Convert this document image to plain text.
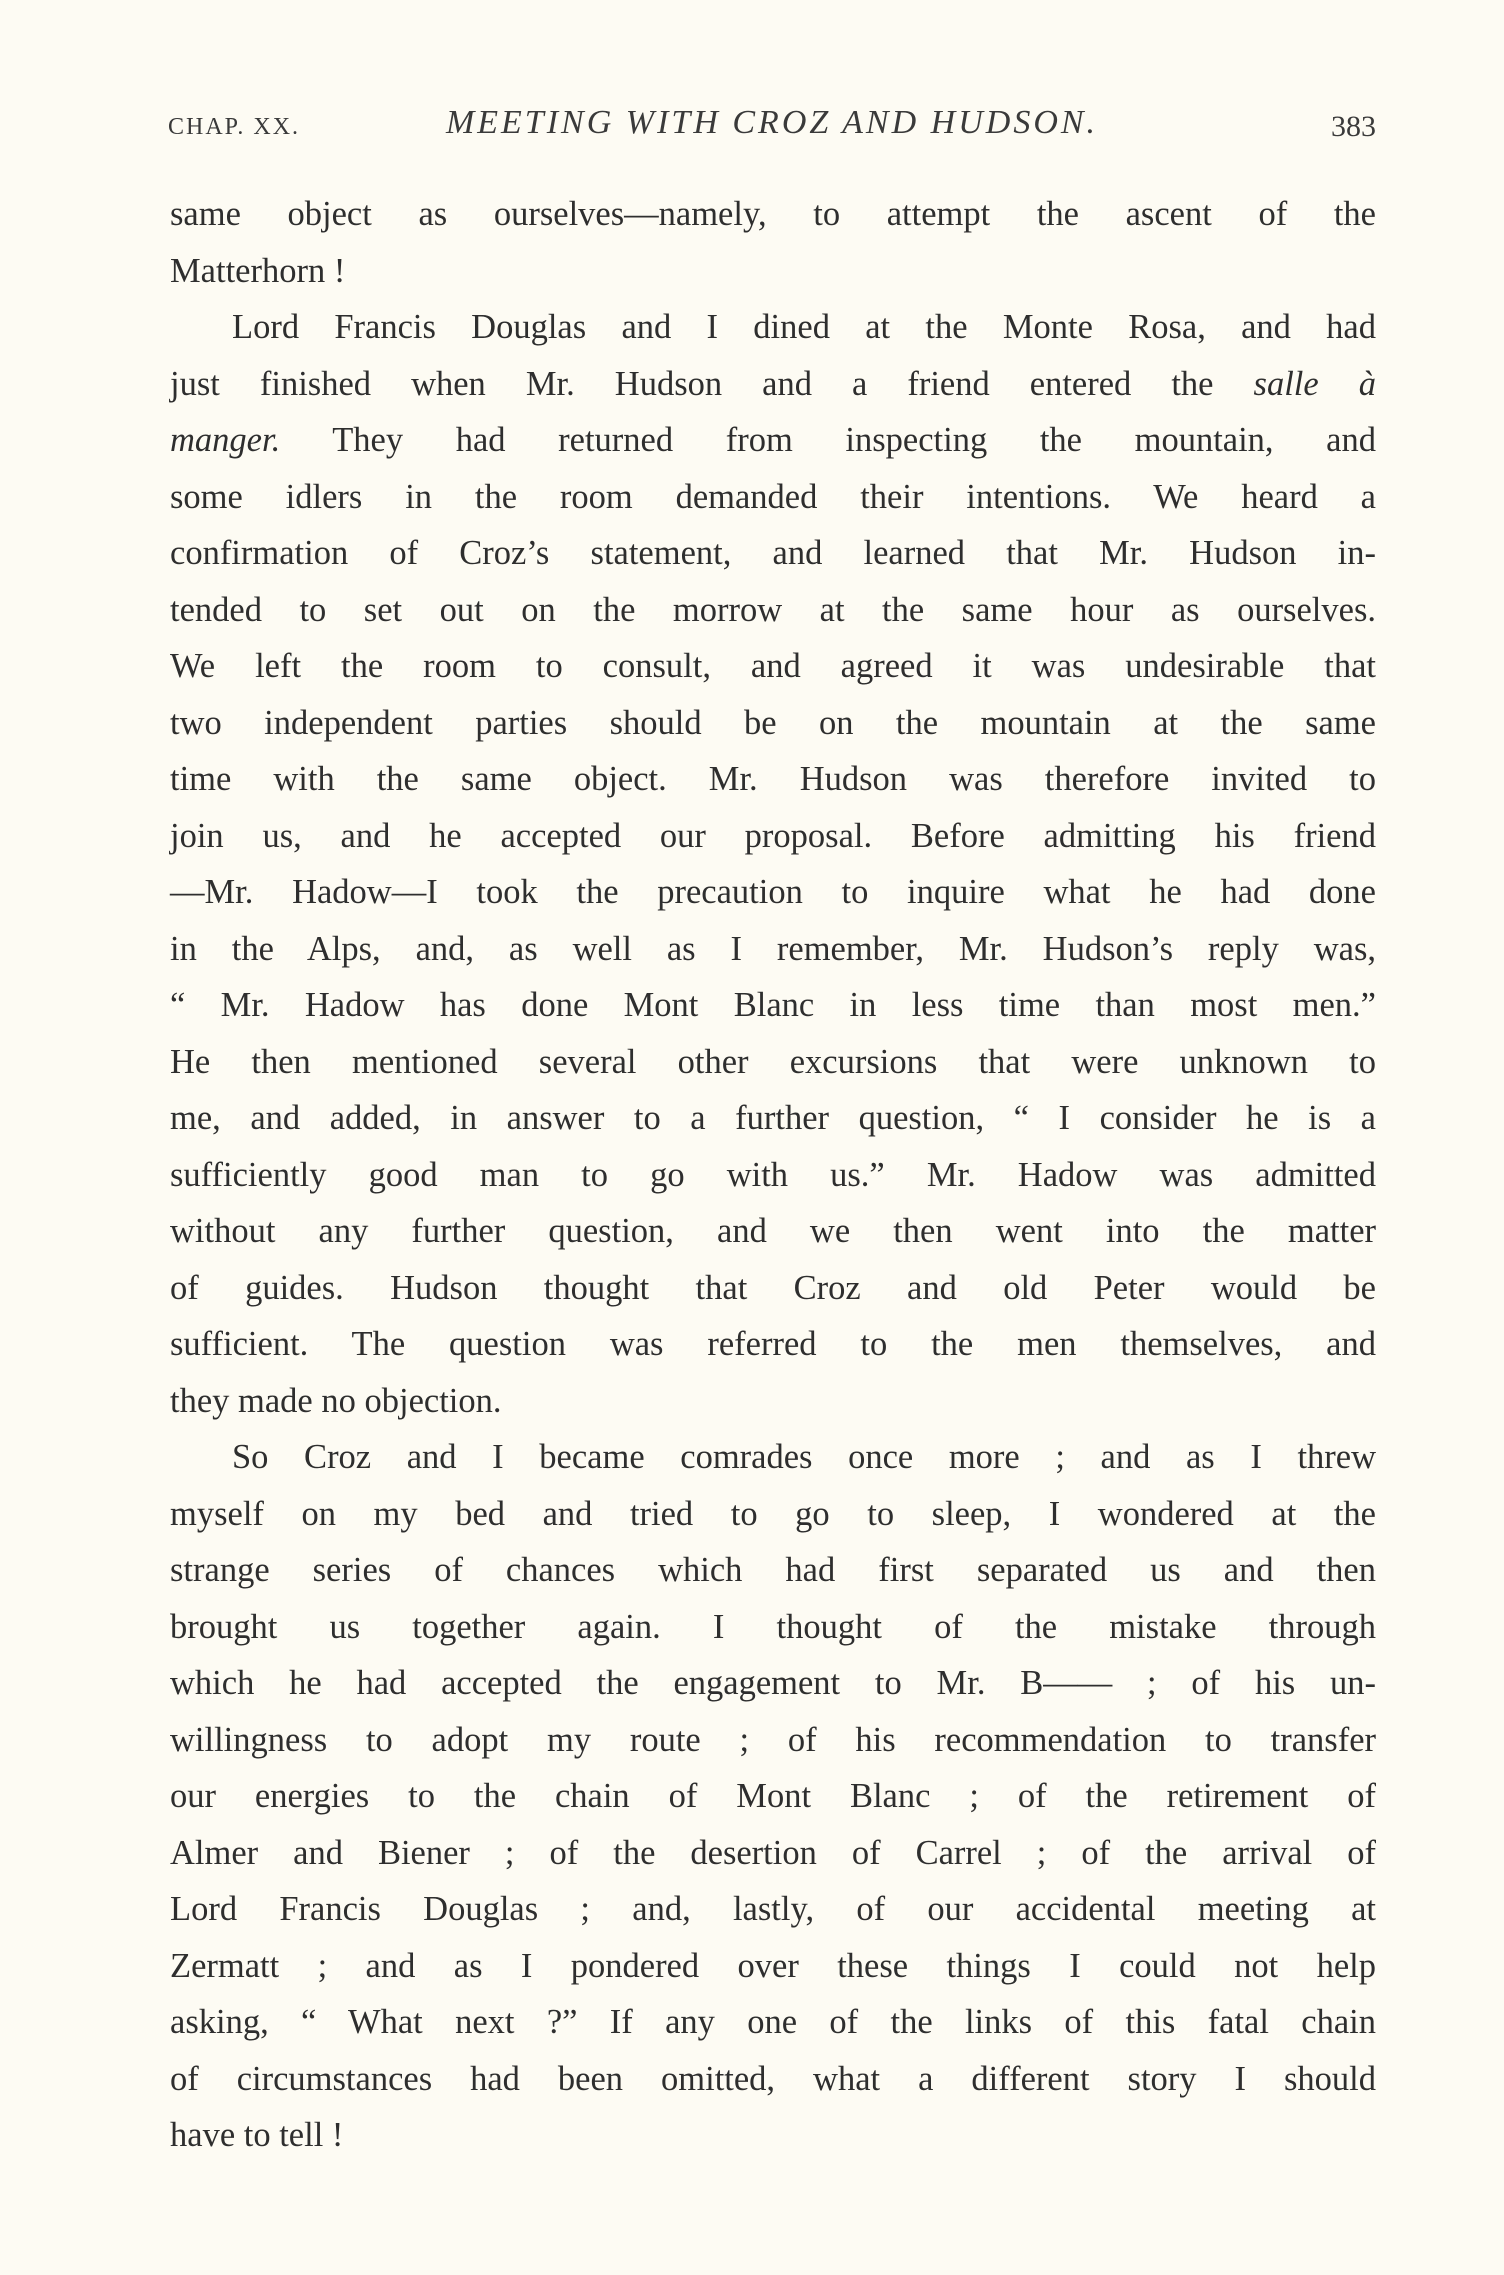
CHAP. XX.	MEETING WITH CROZ AND HUDSON.	383
same object as ourselves—namely, to attempt the ascent of the
Matterhorn !
Lord Francis Douglas and I dined at the Monte Rosa, and had
just finished when Mr. Hudson and a friend entered the salle à
manger. They had returned from inspecting the mountain, and
some idlers in the room demanded their intentions. We heard a
confirmation of Croz’s statement, and learned that Mr. Hudson in-
tended to set out on the morrow at the same hour as ourselves.
We left the room to consult, and agreed it was undesirable that
two independent parties should be on the mountain at the same
time with the same object. Mr. Hudson was therefore invited to
join us, and he accepted our proposal. Before admitting his friend
—Mr. Hadow—I took the precaution to inquire what he had done
in the Alps, and, as well as I remember, Mr. Hudson’s reply was,
“ Mr. Hadow has done Mont Blanc in less time than most men.”
He then mentioned several other excursions that were unknown to
me, and added, in answer to a further question, “ I consider he is a
sufficiently good man to go with us.” Mr. Hadow was admitted
without any further question, and we then went into the matter
of guides. Hudson thought that Croz and old Peter would be
sufficient. The question was referred to the men themselves, and
they made no objection.
So Croz and I became comrades once more ; and as I threw
myself on my bed and tried to go to sleep, I wondered at the
strange series of chances which had first separated us and then
brought us together again. I thought of the mistake through
which he had accepted the engagement to Mr. B—— ; of his un-
willingness to adopt my route ; of his recommendation to transfer
our energies to the chain of Mont Blanc ; of the retirement of
Almer and Biener ; of the desertion of Carrel ; of the arrival of
Lord Francis Douglas ; and, lastly, of our accidental meeting at
Zermatt ; and as I pondered over these things I could not help
asking, “ What next ?” If any one of the links of this fatal chain
of circumstances had been omitted, what a different story I should
have to tell !
